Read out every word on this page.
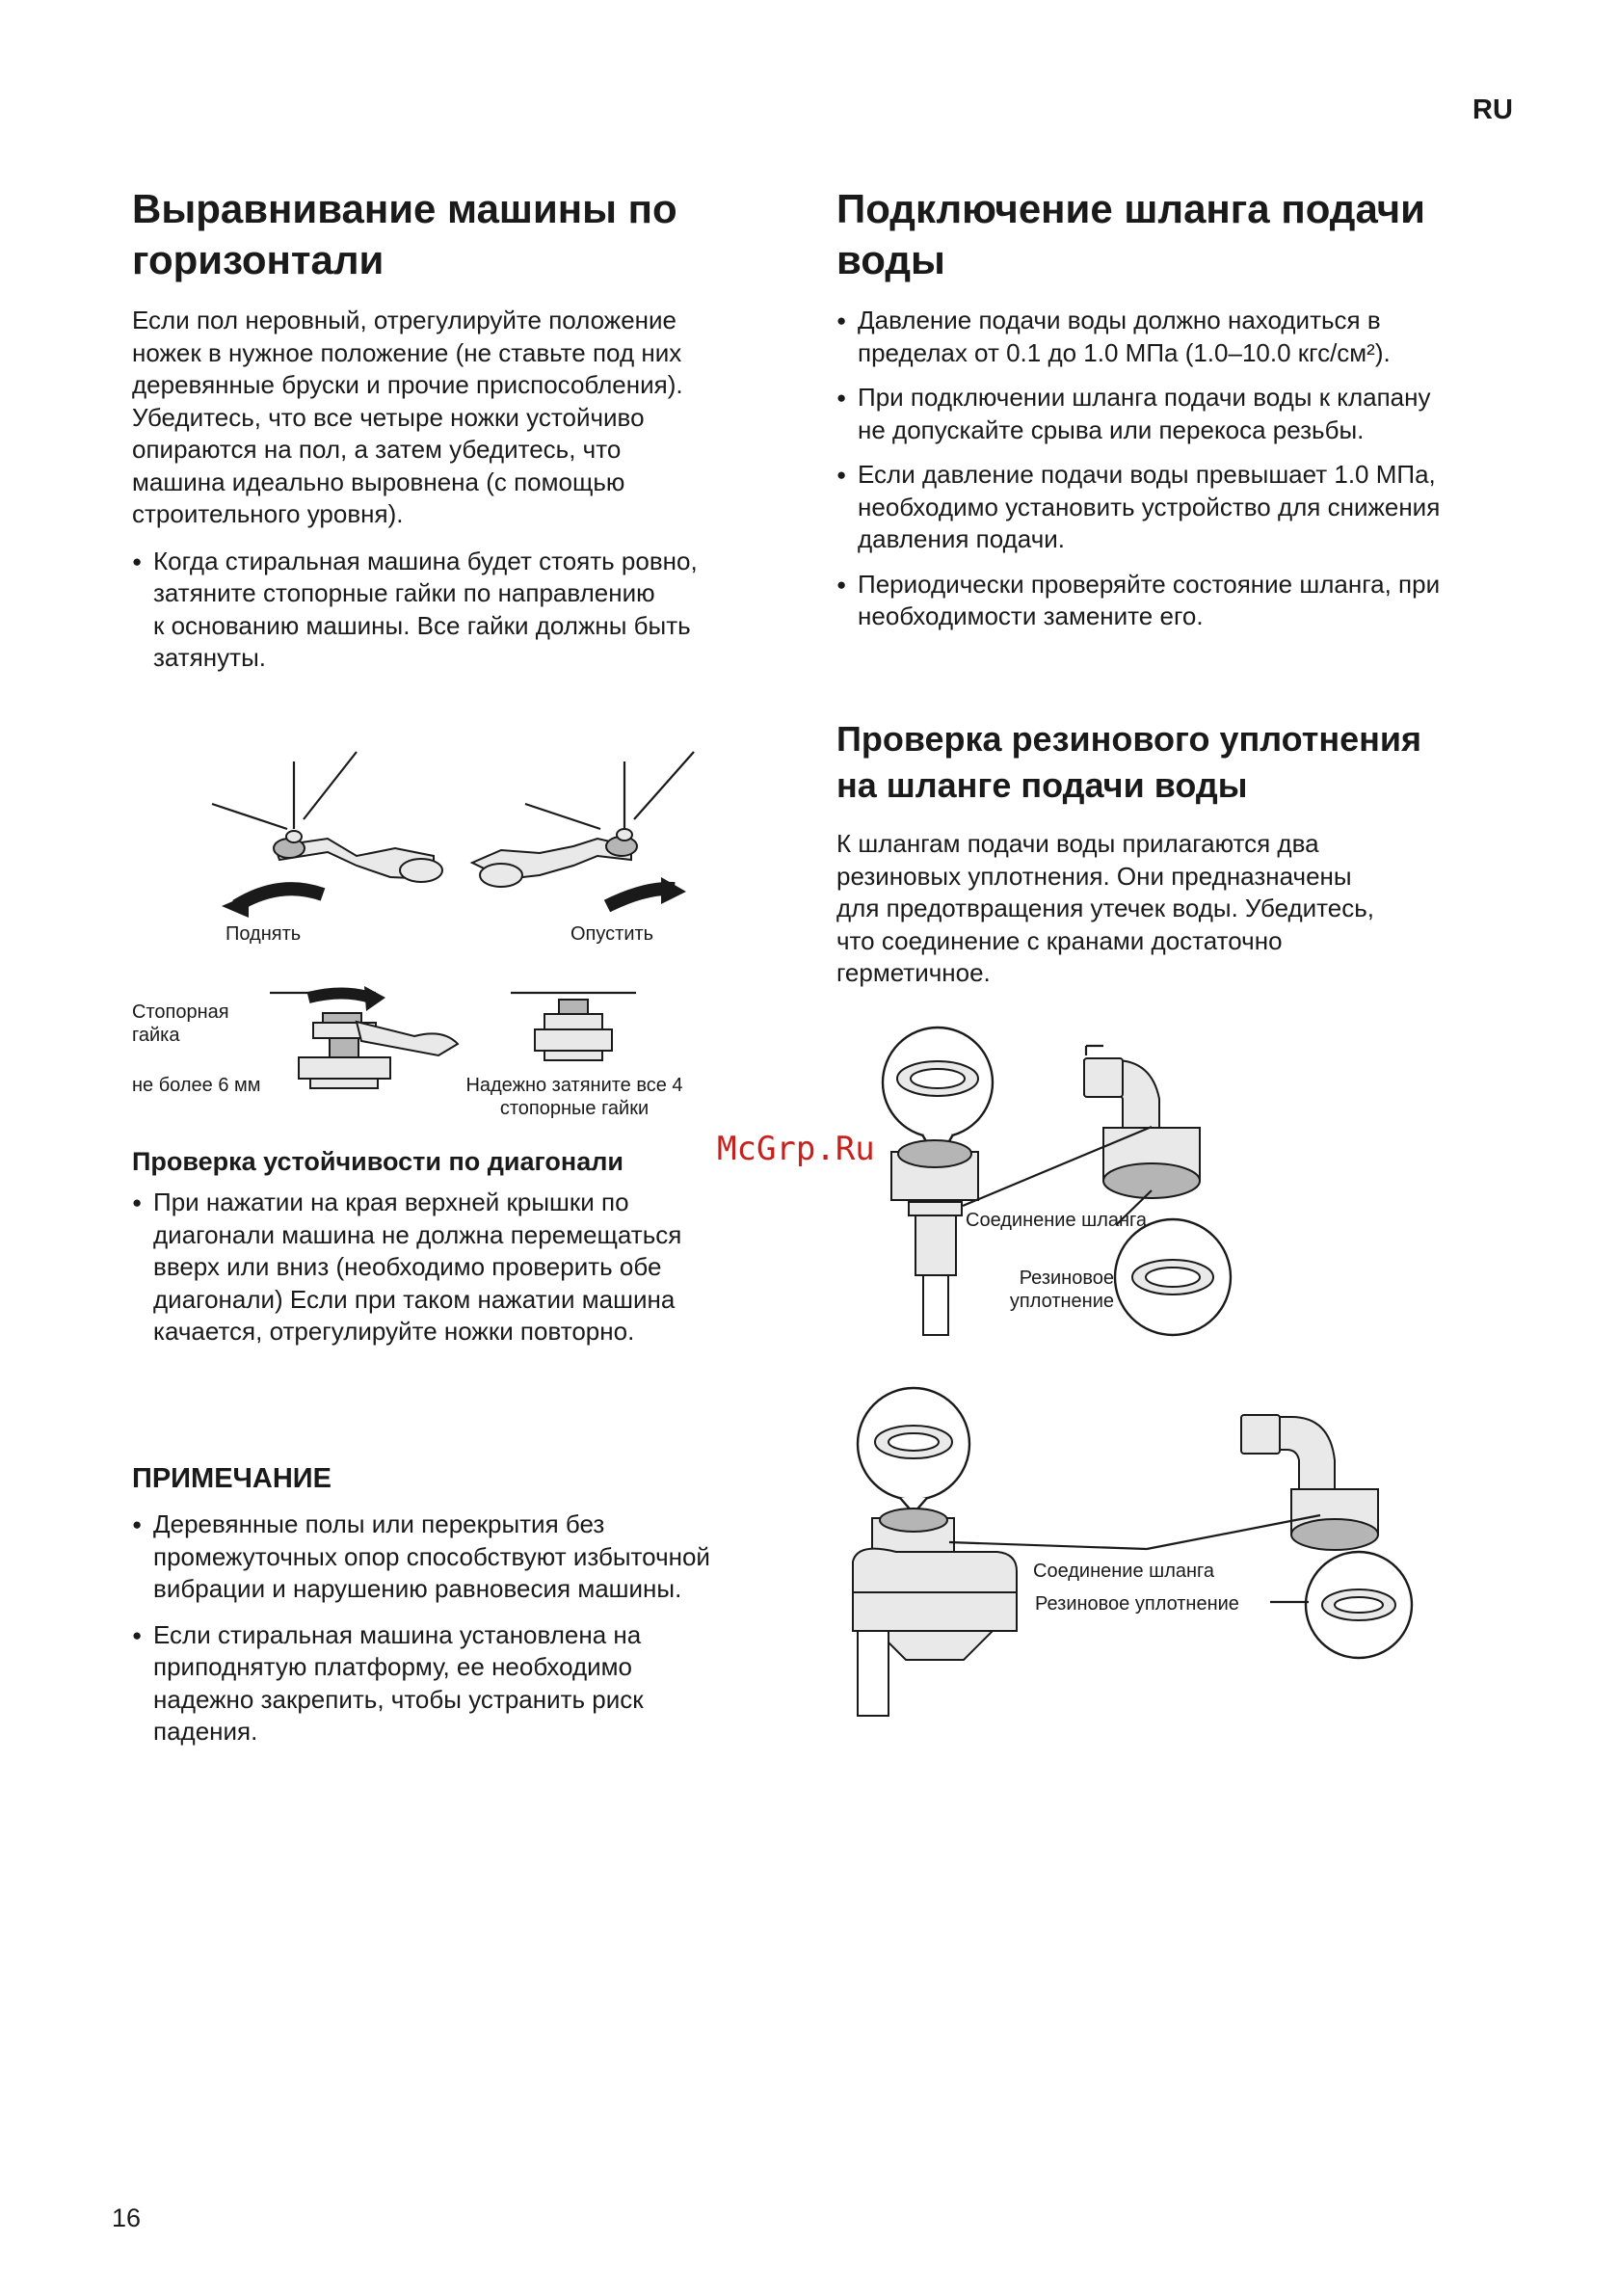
RU
Выравнивание машины по
горизонтали

Если пол неровный, отрегулируйте положение
ножек в нужное положение (не ставьте под них
деревянные бруски и прочие приспособления).
Убедитесь, что все четыре ножки устойчиво
опираются на пол, а затем убедитесь, что
машина идеально выровнена (с помощью
строительного уровня).

● Когда стиральная машина будет стоять ровно,
затяните стопорные гайки по направлению
к основанию машины. Все гайки должны быть
затянуты.
Поднять	Опустить
Стопорная
гайка
не более 6 мм	Надежно затяните все 4
стопорные гайки
Проверка устойчивости по диагонали
● При нажатии на края верхней крышки по
диагонали машина не должна перемещаться
вверх или вниз (необходимо проверить обе
диагонали) Если при таком нажатии машина
качается, отрегулируйте ножки повторно.
ПРИМЕЧАНИЕ
● Деревянные полы или перекрытия без
промежуточных опор способствуют избыточной
вибрации и нарушению равновесия машины.
● Если стиральная машина установлена на
приподнятую платформу, ее необходимо
надежно закрепить, чтобы устранить риск
падения.
Подключение шланга подачи
воды
● Давление подачи воды должно находиться в
пределах от 0.1 до 1.0 МПа (1.0–10.0 кгс/см²).
● При подключении шланга подачи воды к клапану
не допускайте срыва или перекоса резьбы.
● Если давление подачи воды превышает 1.0 МПа,
необходимо установить устройство для снижения
давления подачи.
● Периодически проверяйте состояние шланга, при
необходимости замените его.
Проверка резинового уплотнения
на шланге подачи воды

К шлангам подачи воды прилагаются два
резиновых уплотнения. Они предназначены
для предотвращения утечек воды. Убедитесь,
что соединение с кранами достаточно
герметичное.

Соединение шланга
Резиновое
уплотнение
Соединение шланга
Резиновое уплотнение
McGrp.Ru
16
